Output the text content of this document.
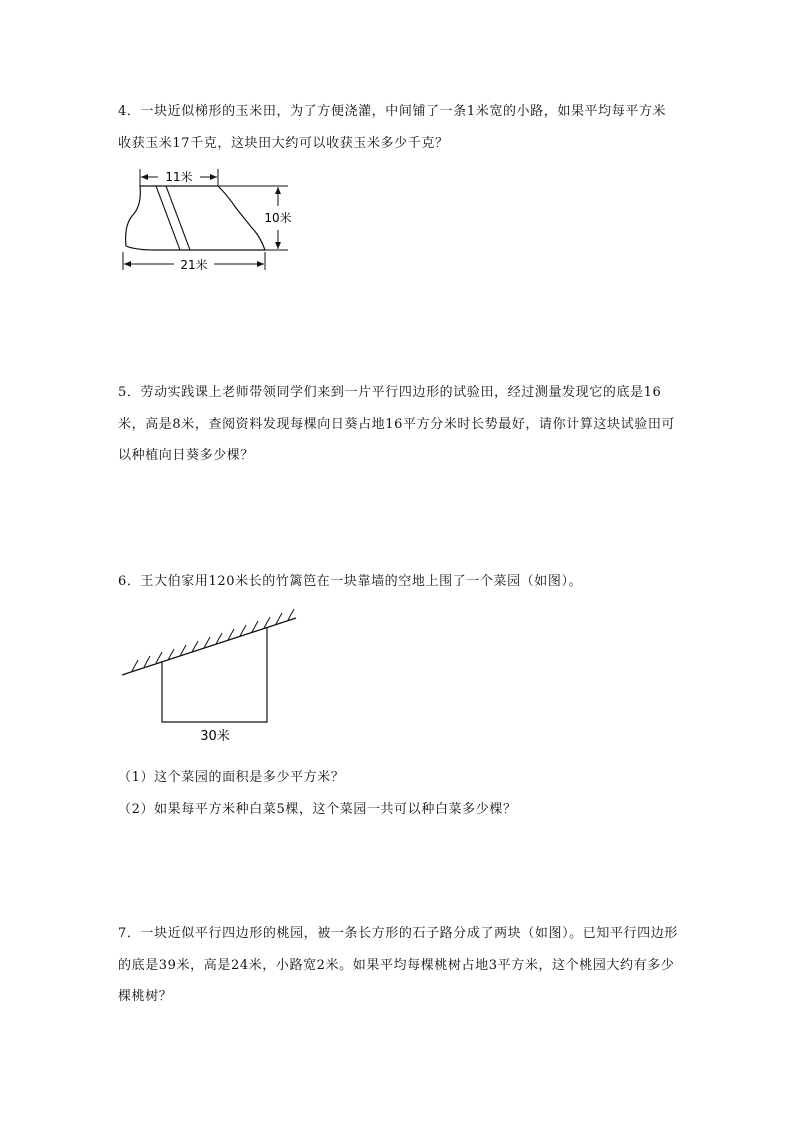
4．一块近似梯形的玉米田，为了方便浇灌，中间铺了一条1米宽的小路，如果平均每平方米收获玉米17千克，这块田大约可以收获玉米多少千克？

11米
10米
21米

5．劳动实践课上老师带领同学们来到一片平行四边形的试验田，经过测量发现它的底是16米，高是8米，查阅资料发现每棵向日葵占地16平方分米时长势最好，请你计算这块试验田可以种植向日葵多少棵？

6．王大伯家用120米长的竹篱笆在一块靠墙的空地上围了一个菜园（如图）。

30米
（1）这个菜园的面积是多少平方米？
（2）如果每平方米种白菜5棵，这个菜园一共可以种白菜多少棵？

7．一块近似平行四边形的桃园，被一条长方形的石子路分成了两块（如图）。已知平行四边形的底是39米，高是24米，小路宽2米。如果平均每棵桃树占地3平方米，这个桃园大约有多少棵桃树？
